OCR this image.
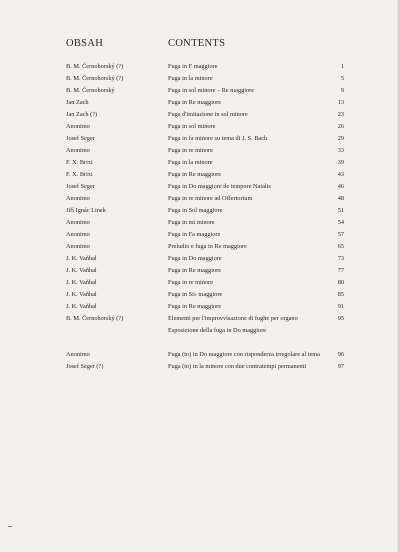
OBSAH	CONTENTS
B. M. Černohorský (?)	Fuga in F maggiore	1
B. M. Černohorský (?)	Fuga in la minore	5
B. M. Černohorský	Fuga in sol minore – Re maggiore	9
Jan Zach	Fuga in Re maggiore	13
Jan Zach (?)	Fuga d'imitazione in sol minore	23
Anonimo	Fuga in sol minore	26
Josef Seger	Fuga in fa minore su tema di J. S. Bach	29
Anonimo	Fuga in re minore	33
F. X. Brixi	Fuga in la minore	39
F. X. Brixi	Fuga in Re maggiore	43
Josef Seger	Fuga in Do maggiore de tempore Natalis	46
Anonimo	Fuga in re minore ad Offertorium	48
Jiří Ignác Linek	Fuga in Sol maggiore	51
Anonimo	Fuga in mi minore	54
Anonimo	Fuga in Fa maggiore	57
Anonimo	Preludio e fuga in Re maggiore	65
J. K. Vaňhal	Fuga in Do maggiore	73
J. K. Vaňhal	Fuga in Re maggiore	77
J. K. Vaňhal	Fuga in re minore	80
J. K. Vaňhal	Fuga in Si♭ maggiore	85
J. K. Vaňhal	Fuga in Re maggiore	91
B. M. Černohorský (?)	Elementi per l'improvvisazione di fughe per organo	95
Esposizione della fuga in Do maggiore
Anonimo	Fuga (to) in Do maggiore con risponderza irregolare al tema	96
Josef Seger (?)	Fuga (to) in la minore con due contratempi permanenti	97
